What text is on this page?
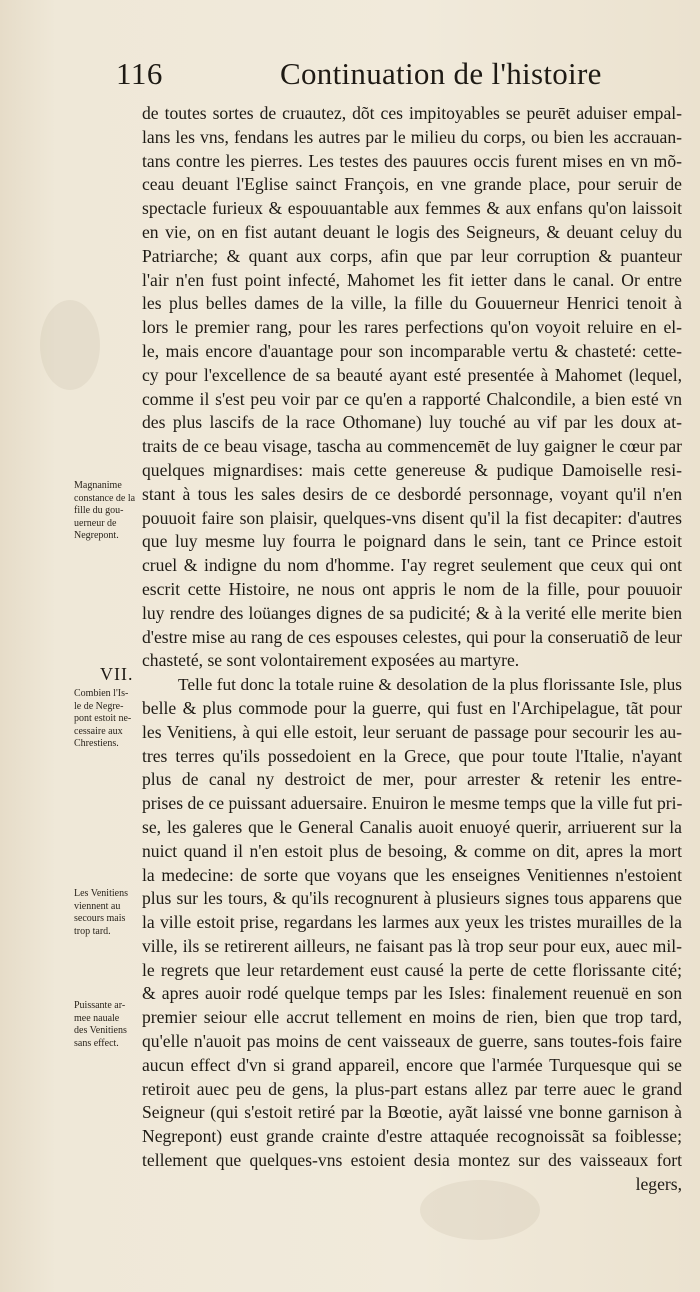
116	Continuation de l'histoire
Magnanime
constance de la
fille du gou-
uerneur de
Negrepont.
VII.
Combien l'Is-
le de Negre-
pont estoit ne-
cessaire aux
Chrestiens.
Les Venitiens
viennent au
secours mais
trop tard.
Puissante ar-
mee nauale
des Venitiens
sans effect.
de toutes sortes de cruautez, dõt ces impitoyables se peurēt aduiser empal-
lans les vns, fendans les autres par le milieu du corps, ou bien les accrauan-
tans contre les pierres. Les testes des pauures occis furent mises en vn mõ-
ceau deuant l'Eglise sainct François, en vne grande place, pour seruir de
spectacle furieux & espouuantable aux femmes & aux enfans qu'on laissoit
en vie, on en fist autant deuant le logis des Seigneurs, & deuant celuy du
Patriarche; & quant aux corps, afin que par leur corruption & puanteur
l'air n'en fust point infecté, Mahomet les fit ietter dans le canal. Or entre
les plus belles dames de la ville, la fille du Gouuerneur Henrici tenoit à
lors le premier rang, pour les rares perfections qu'on voyoit reluire en el-
le, mais encore d'auantage pour son incomparable vertu & chasteté: cette-
cy pour l'excellence de sa beauté ayant esté presentée à Mahomet (lequel,
comme il s'est peu voir par ce qu'en a rapporté Chalcondile, a bien esté vn
des plus lascifs de la race Othomane) luy touché au vif par les doux at-
traits de ce beau visage, tascha au commencemēt de luy gaigner le cœur par
quelques mignardises: mais cette genereuse & pudique Damoiselle resi-
stant à tous les sales desirs de ce desbordé personnage, voyant qu'il n'en
pouuoit faire son plaisir, quelques-vns disent qu'il la fist decapiter: d'autres
que luy mesme luy fourra le poignard dans le sein, tant ce Prince estoit
cruel & indigne du nom d'homme. I'ay regret seulement que ceux qui ont
escrit cette Histoire, ne nous ont appris le nom de la fille, pour pouuoir
luy rendre des loüanges dignes de sa pudicité; & à la verité elle merite bien
d'estre mise au rang de ces espouses celestes, qui pour la conseruatiõ de leur
chasteté, se sont volontairement exposées au martyre.
Telle fut donc la totale ruine & desolation de la plus florissante Isle, plus
belle & plus commode pour la guerre, qui fust en l'Archipelague, tãt pour
les Venitiens, à qui elle estoit, leur seruant de passage pour secourir les au-
tres terres qu'ils possedoient en la Grece, que pour toute l'Italie, n'ayant
plus de canal ny destroict de mer, pour arrester & retenir les entre-
prises de ce puissant aduersaire. Enuiron le mesme temps que la ville fut pri-
se, les galeres que le General Canalis auoit enuoyé querir, arriuerent sur la
nuict quand il n'en estoit plus de besoing, & comme on dit, apres la mort
la medecine: de sorte que voyans que les enseignes Venitiennes n'estoient
plus sur les tours, & qu'ils recognurent à plusieurs signes tous apparens que
la ville estoit prise, regardans les larmes aux yeux les tristes murailles de la
ville, ils se retirerent ailleurs, ne faisant pas là trop seur pour eux, auec mil-
le regrets que leur retardement eust causé la perte de cette florissante cité;
& apres auoir rodé quelque temps par les Isles: finalement reuenuë en son
premier seiour elle accrut tellement en moins de rien, bien que trop tard,
qu'elle n'auoit pas moins de cent vaisseaux de guerre, sans toutes-fois faire
aucun effect d'vn si grand appareil, encore que l'armée Turquesque qui se
retiroit auec peu de gens, la plus-part estans allez par terre auec le grand
Seigneur (qui s'estoit retiré par la Bœotie, ayãt laissé vne bonne garnison à
Negrepont) eust grande crainte d'estre attaquée recognoissãt sa foiblesse;
tellement que quelques-vns estoient desia montez sur des vaisseaux fort
legers,
